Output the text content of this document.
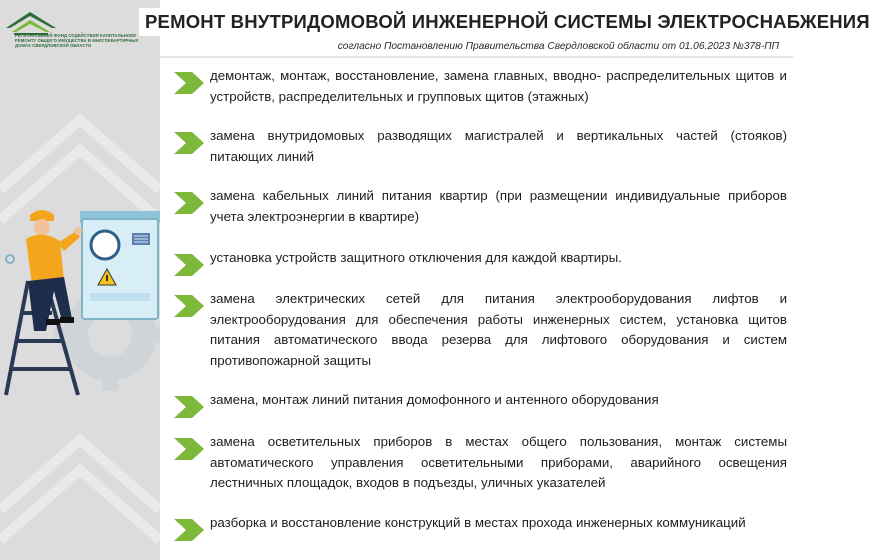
РЕГИОНАЛЬНЫЙ ФОНД СОДЕЙСТВИЯ КАПИТАЛЬНОМУ РЕМОНТУ ОБЩЕГО ИМУЩЕСТВА В МНОГОКВАРТИРНЫХ ДОМАХ СВЕРДЛОВСКОЙ ОБЛАСТИ
РЕМОНТ ВНУТРИДОМОВОЙ ИНЖЕНЕРНОЙ СИСТЕМЫ ЭЛЕКТРОСНАБЖЕНИЯ
согласно Постановлению Правительства Свердловской области от 01.06.2023 №378-ПП
демонтаж, монтаж, восстановление, замена главных, вводно- распределительных щитов и устройств, распределительных и групповых щитов (этажных)
замена внутридомовых разводящих магистралей и вертикальных частей (стояков) питающих линий
замена кабельных линий питания квартир (при размещении индивидуальные приборов учета электроэнергии в квартире)
установка устройств защитного отключения для каждой квартиры.
замена электрических сетей для питания электрооборудования лифтов и электрооборудования для обеспечения работы инженерных систем, установка щитов питания автоматического ввода резерва для лифтового оборудования и систем противопожарной защиты
замена, монтаж линий питания домофонного и антенного оборудования
замена осветительных приборов в местах общего пользования, монтаж системы автоматического управления осветительными приборами, аварийного освещения лестничных площадок, входов в подъезды, уличных указателей
разборка и восстановление конструкций в местах прохода инженерных коммуникаций
